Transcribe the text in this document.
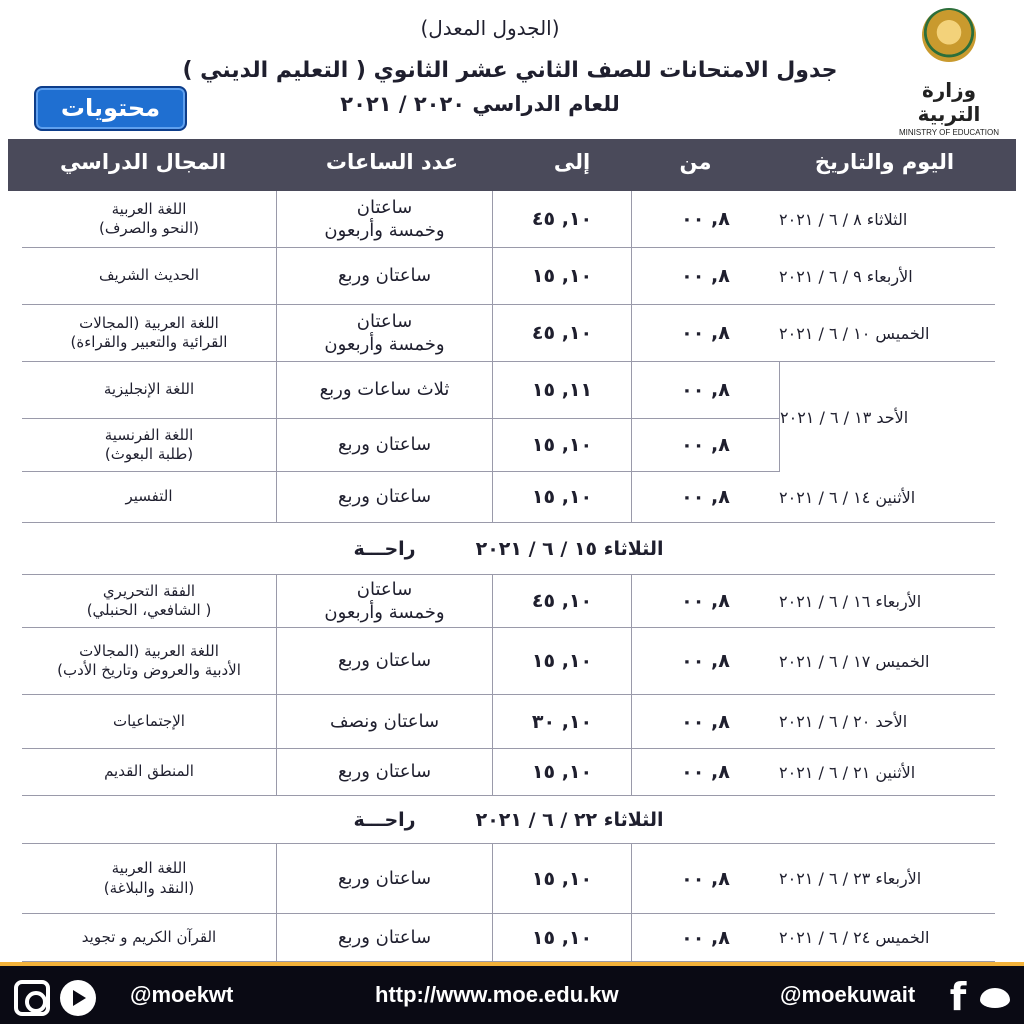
(الجدول المعدل)
جدول الامتحانات للصف الثاني عشر الثانوي ( التعليم الديني )
للعام الدراسي ٢٠٢٠ / ٢٠٢١
وزارة التربية
MINISTRY OF EDUCATION
محتويات
اليوم والتاريخ
من
إلى
عدد الساعات
المجال الدراسي
الثلاثاء ٨ / ٦ / ٢٠٢١
٨, ٠٠
١٠, ٤٥
ساعتان
وخمسة وأربعون
اللغة العربية
(النحو والصرف)
الأربعاء ٩ / ٦ / ٢٠٢١
٨, ٠٠
١٠, ١٥
ساعتان وربع
الحديث الشريف
الخميس ١٠ / ٦ / ٢٠٢١
٨, ٠٠
١٠, ٤٥
ساعتان
وخمسة وأربعون
اللغة العربية (المجالات
القرائية والتعبير والقراءة)
الأحد ١٣ / ٦ / ٢٠٢١
٨, ٠٠
١١, ١٥
ثلاث ساعات وربع
اللغة الإنجليزية
٨, ٠٠
١٠, ١٥
ساعتان وربع
اللغة الفرنسية
(طلبة البعوث)
الأثنين ١٤ / ٦ / ٢٠٢١
٨, ٠٠
١٠, ١٥
ساعتان وربع
التفسير
الأربعاء ١٦ / ٦ / ٢٠٢١
٨, ٠٠
١٠, ٤٥
ساعتان
وخمسة وأربعون
الفقة التحريري
( الشافعي، الحنبلي)
الخميس ١٧ / ٦ / ٢٠٢١
٨, ٠٠
١٠, ١٥
ساعتان وربع
اللغة العربية (المجالات
الأدبية والعروض وتاريخ الأدب)
الأحد ٢٠ / ٦ / ٢٠٢١
٨, ٠٠
١٠, ٣٠
ساعتان ونصف
الإجتماعيات
الأثنين ٢١ / ٦ / ٢٠٢١
٨, ٠٠
١٠, ١٥
ساعتان وربع
المنطق القديم
الأربعاء ٢٣ / ٦ / ٢٠٢١
٨, ٠٠
١٠, ١٥
ساعتان وربع
اللغة العربية
(النقد والبلاغة)
الخميس ٢٤ / ٦ / ٢٠٢١
٨, ٠٠
١٠, ١٥
ساعتان وربع
القرآن الكريم و تجويد
الثلاثاء ١٥ / ٦ / ٢٠٢١
راحـــة
الثلاثاء ٢٢ / ٦ / ٢٠٢١
راحـــة
@moekwt	http://www.moe.edu.kw	@moekuwait f
